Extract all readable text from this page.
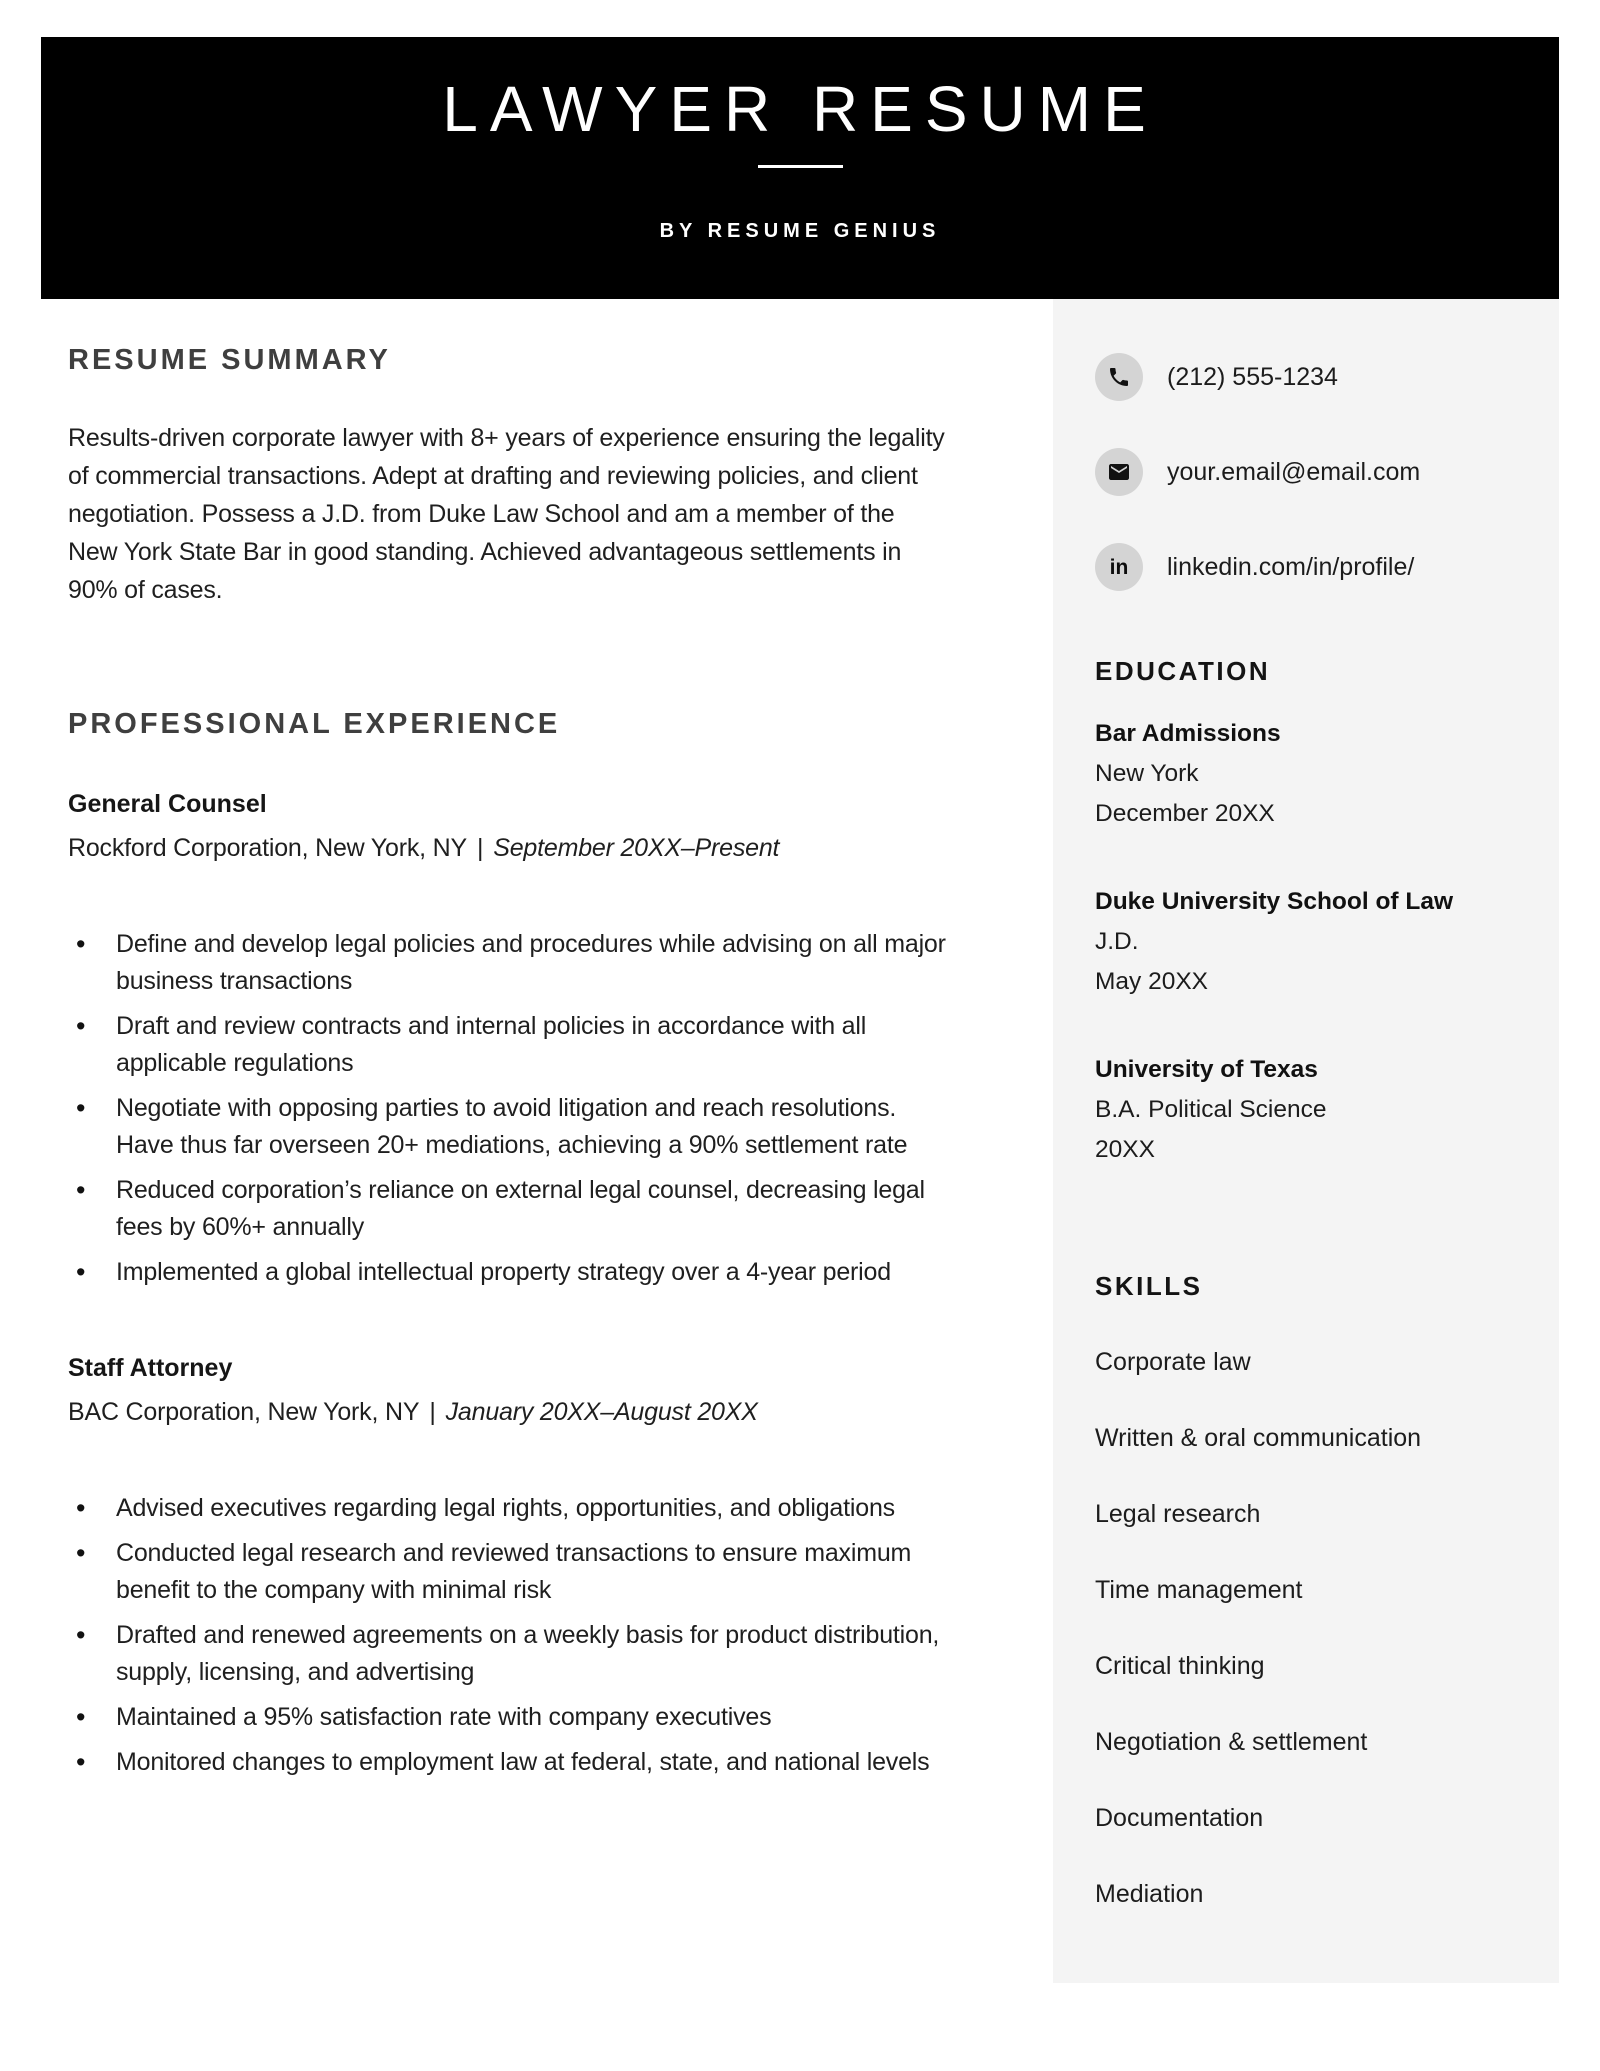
LAWYER RESUME
BY RESUME GENIUS
(212) 555-1234
your.email@email.com
in linkedin.com/in/profile/
EDUCATION
Bar Admissions
New York
December 20XX
Duke University School of Law
J.D.
May 20XX
University of Texas
B.A. Political Science
20XX
SKILLS
Corporate law
Written & oral communication
Legal research
Time management
Critical thinking
Negotiation & settlement
Documentation
Mediation
RESUME SUMMARY

Results-driven corporate lawyer with 8+ years of experience ensuring the legality of commercial transactions. Adept at drafting and reviewing policies, and client negotiation. Possess a J.D. from Duke Law School and am a member of the New York State Bar in good standing. Achieved advantageous settlements in 90% of cases.

PROFESSIONAL EXPERIENCE
General Counsel

Rockford Corporation, New York, NY | September 20XX–Present

• Define and develop legal policies and procedures while advising on all major business transactions
• Draft and review contracts and internal policies in accordance with all applicable regulations
• Negotiate with opposing parties to avoid litigation and reach resolutions. Have thus far overseen 20+ mediations, achieving a 90% settlement rate
• Reduced corporation’s reliance on external legal counsel, decreasing legal fees by 60%+ annually
• Implemented a global intellectual property strategy over a 4-year period
Staff Attorney

BAC Corporation, New York, NY | January 20XX–August 20XX

• Advised executives regarding legal rights, opportunities, and obligations
• Conducted legal research and reviewed transactions to ensure maximum benefit to the company with minimal risk
• Drafted and renewed agreements on a weekly basis for product distribution, supply, licensing, and advertising
• Maintained a 95% satisfaction rate with company executives
• Monitored changes to employment law at federal, state, and national levels
